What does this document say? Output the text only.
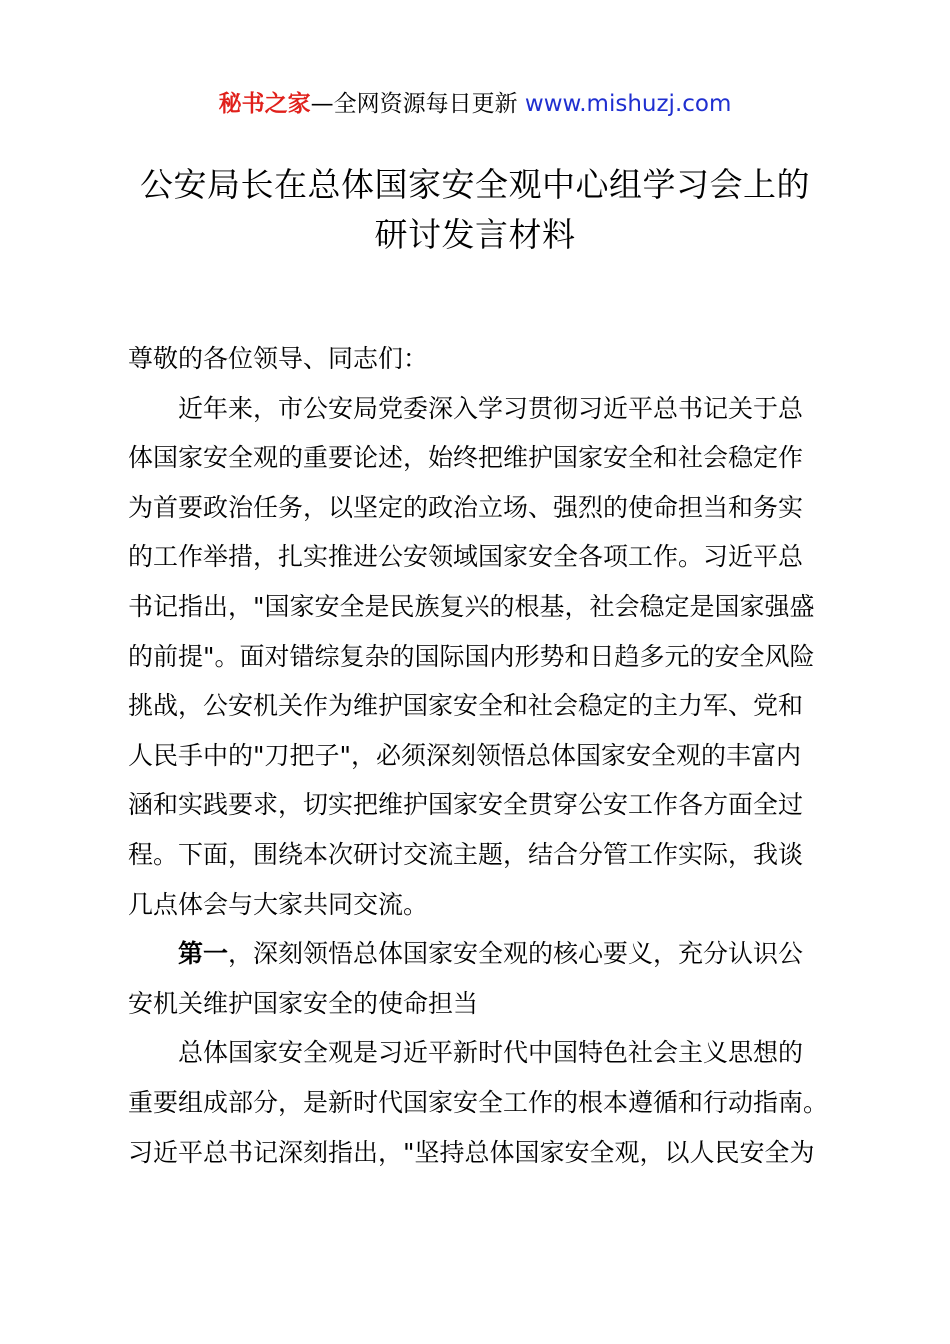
秘书之家—全网资源每日更新 www.mishuzj.com
公安局长在总体国家安全观中心组学习会上的
研讨发言材料
尊敬的各位领导、同志们：
近年来，市公安局党委深入学习贯彻习近平总书记关于总
体国家安全观的重要论述，始终把维护国家安全和社会稳定作
为首要政治任务，以坚定的政治立场、强烈的使命担当和务实
的工作举措，扎实推进公安领域国家安全各项工作。习近平总
书记指出，"国家安全是民族复兴的根基，社会稳定是国家强盛
的前提"。面对错综复杂的国际国内形势和日趋多元的安全风险
挑战，公安机关作为维护国家安全和社会稳定的主力军、党和
人民手中的"刀把子"，必须深刻领悟总体国家安全观的丰富内
涵和实践要求，切实把维护国家安全贯穿公安工作各方面全过
程。下面，围绕本次研讨交流主题，结合分管工作实际，我谈
几点体会与大家共同交流。
第一，深刻领悟总体国家安全观的核心要义，充分认识公
安机关维护国家安全的使命担当
总体国家安全观是习近平新时代中国特色社会主义思想的
重要组成部分，是新时代国家安全工作的根本遵循和行动指南。
习近平总书记深刻指出，"坚持总体国家安全观，以人民安全为
